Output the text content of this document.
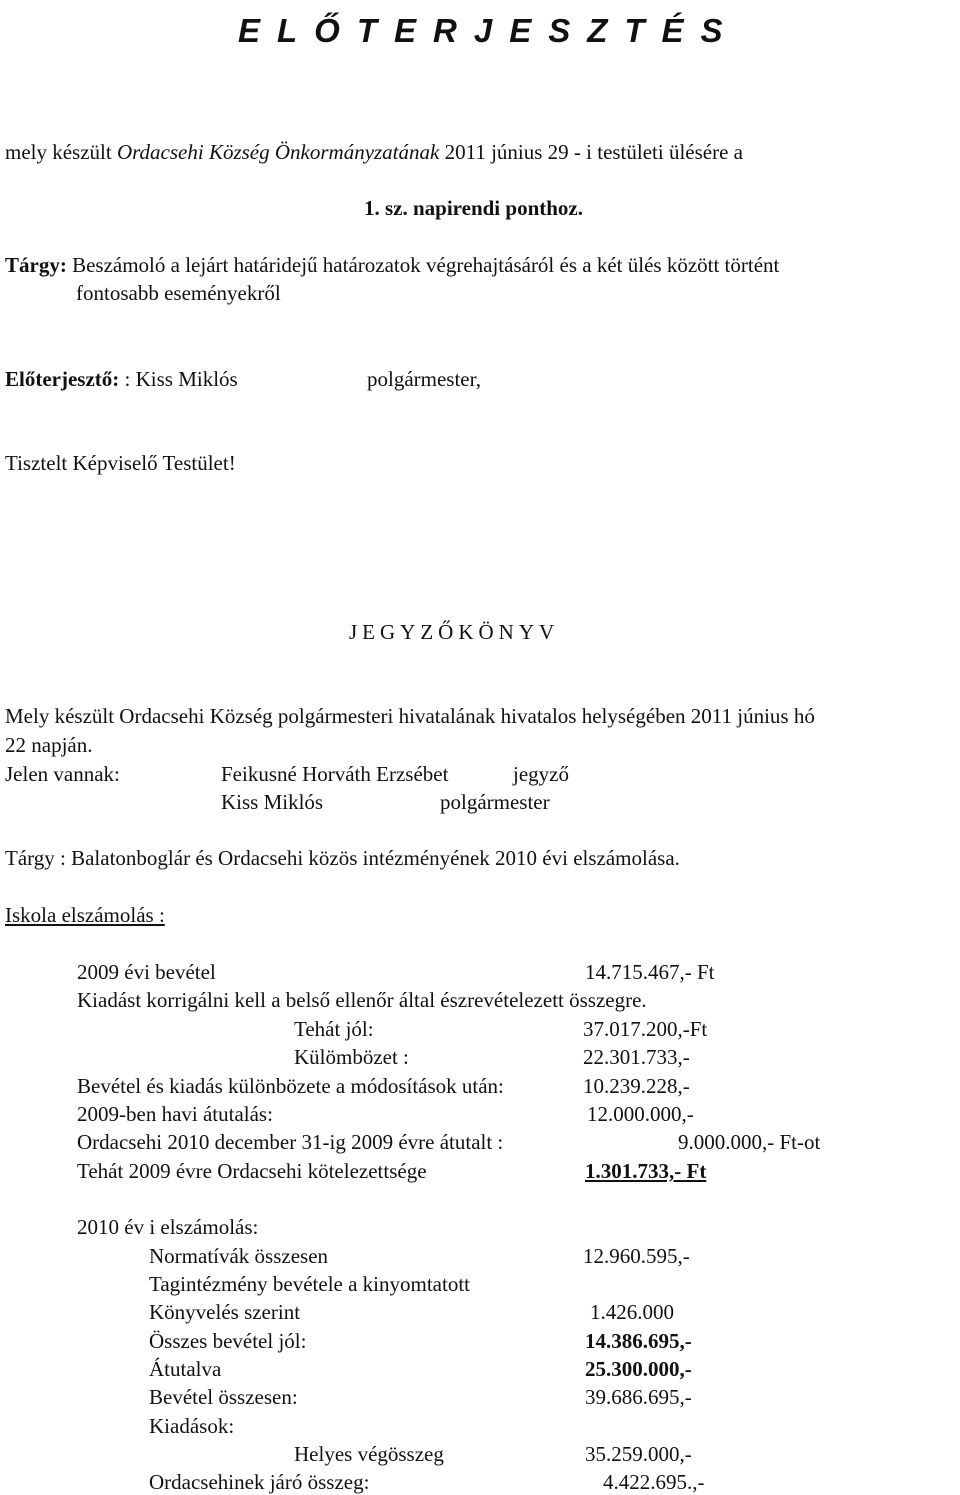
ELŐTERJESZTÉS
mely készült Ordacsehi Község Önkormányzatának 2011 június 29 - i testületi ülésére a
1. sz. napirendi ponthoz.
Tárgy: Beszámoló a lejárt határidejű határozatok végrehajtásáról és a két ülés között történt
fontosabb eseményekről
Előterjesztő: : Kiss Miklós	polgármester,
Tisztelt Képviselő Testület!
JEGYZŐKÖNYV
Mely készült Ordacsehi Község polgármesteri hivatalának hivatalos helységében 2011 június hó
22 napján.
Jelen vannak:	Feikusné Horváth Erzsébet	jegyző
Kiss Miklós	polgármester
Tárgy : Balatonboglár és Ordacsehi közös intézményének 2010 évi elszámolása.
Iskola elszámolás :
2009 évi bevétel	14.715.467,- Ft
Kiadást korrigálni kell a belső ellenőr által észrevételezett összegre.
Tehát jól:	37.017.200,-Ft
Külömbözet :	22.301.733,-
Bevétel és kiadás különbözete a módosítások után:	10.239.228,-
2009-ben havi átutalás:	12.000.000,-
Ordacsehi 2010 december 31-ig 2009 évre átutalt :	9.000.000,- Ft-ot
Tehát 2009 évre Ordacsehi kötelezettsége	1.301.733,- Ft
2010 év i elszámolás:
Normatívák összesen	12.960.595,-
Tagintézmény bevétele a kinyomtatott
Könyvelés szerint	1.426.000
Összes bevétel jól:	14.386.695,-
Átutalva	25.300.000,-
Bevétel összesen:	39.686.695,-
Kiadások:
Helyes végösszeg	35.259.000,-
Ordacsehinek járó összeg:	4.422.695.,-
